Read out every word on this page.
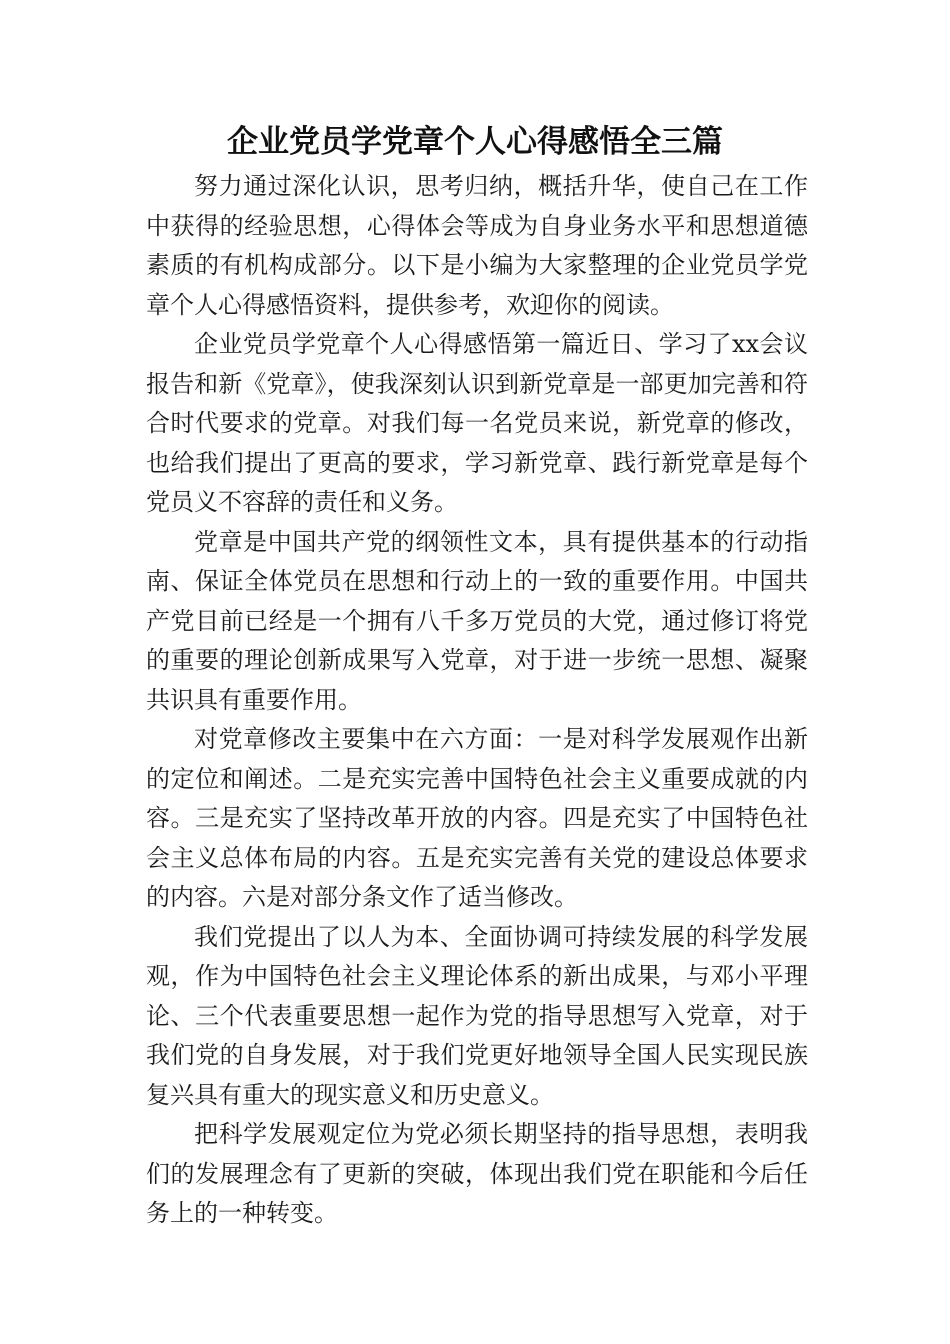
企业党员学党章个人心得感悟全三篇

努力通过深化认识，思考归纳，概括升华，使自己在工作中获得的经验思想，心得体会等成为自身业务水平和思想道德素质的有机构成部分。以下是小编为大家整理的企业党员学党章个人心得感悟资料，提供参考，欢迎你的阅读。

企业党员学党章个人心得感悟第一篇近日、学习了xx会议报告和新《党章》，使我深刻认识到新党章是一部更加完善和符合时代要求的党章。对我们每一名党员来说，新党章的修改，也给我们提出了更高的要求，学习新党章、践行新党章是每个党员义不容辞的责任和义务。

党章是中国共产党的纲领性文本，具有提供基本的行动指南、保证全体党员在思想和行动上的一致的重要作用。中国共产党目前已经是一个拥有八千多万党员的大党，通过修订将党的重要的理论创新成果写入党章，对于进一步统一思想、凝聚共识具有重要作用。

对党章修改主要集中在六方面：一是对科学发展观作出新的定位和阐述。二是充实完善中国特色社会主义重要成就的内容。三是充实了坚持改革开放的内容。四是充实了中国特色社会主义总体布局的内容。五是充实完善有关党的建设总体要求的内容。六是对部分条文作了适当修改。

我们党提出了以人为本、全面协调可持续发展的科学发展观，作为中国特色社会主义理论体系的新出成果，与邓小平理论、三个代表重要思想一起作为党的指导思想写入党章，对于我们党的自身发展，对于我们党更好地领导全国人民实现民族复兴具有重大的现实意义和历史意义。

把科学发展观定位为党必须长期坚持的指导思想，表明我们的发展理念有了更新的突破，体现出我们党在职能和今后任务上的一种转变。
